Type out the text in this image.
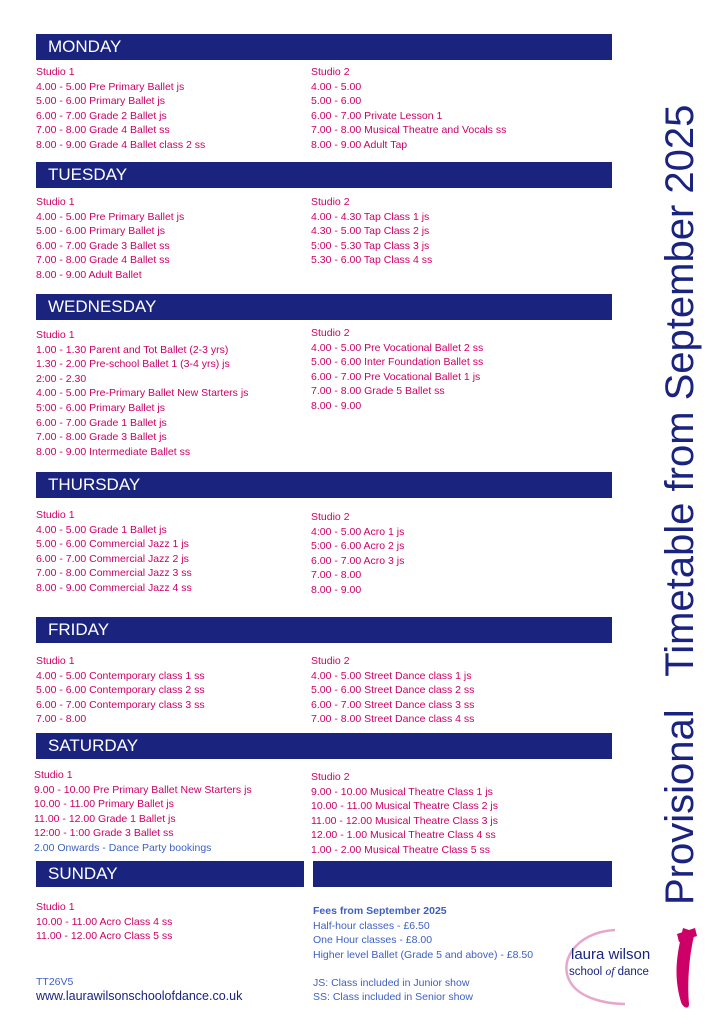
MONDAY
TUESDAY
WEDNESDAY
THURSDAY
FRIDAY
SATURDAY
SUNDAY
Studio 1
4.00 - 5.00 Pre Primary Ballet js
5.00 - 6.00 Primary Ballet js
6.00 - 7.00 Grade 2 Ballet js
7.00 - 8.00 Grade 4 Ballet ss
8.00 - 9.00 Grade 4 Ballet class 2 ss
Studio 2
4.00 - 5.00
5.00 - 6.00
6.00 - 7.00 Private Lesson 1
7.00 - 8.00 Musical Theatre and Vocals ss
8.00 - 9.00 Adult Tap
Studio 1
4.00 - 5.00 Pre Primary Ballet js
5.00 - 6.00 Primary Ballet js
6.00 - 7.00 Grade 3 Ballet ss
7.00 - 8.00 Grade 4 Ballet ss
8.00 - 9.00 Adult Ballet
Studio 2
4.00 - 4.30 Tap Class 1 js
4.30 - 5.00 Tap Class 2 js
5:00 - 5.30 Tap Class 3 js
5.30 - 6.00 Tap Class 4 ss
Studio 1
1.00 - 1.30 Parent and Tot Ballet (2-3 yrs)
1.30 - 2.00 Pre-school Ballet 1 (3-4 yrs) js
2:00 - 2.30
4.00 - 5.00 Pre-Primary Ballet New Starters js
5:00 - 6.00 Primary Ballet js
6.00 - 7.00 Grade 1 Ballet js
7.00 - 8.00 Grade 3 Ballet js
8.00 - 9.00 Intermediate Ballet ss
Studio 2
4.00 - 5.00 Pre Vocational Ballet 2 ss
5.00 - 6.00 Inter Foundation Ballet ss
6.00 - 7.00 Pre Vocational Ballet 1 js
7.00 - 8.00 Grade 5 Ballet ss
8.00 - 9.00
Studio 1
4.00 - 5.00 Grade 1 Ballet js
5.00 - 6.00 Commercial Jazz 1 js
6.00 - 7.00 Commercial Jazz 2 js
7.00 - 8.00 Commercial Jazz 3 ss
8.00 - 9.00 Commercial Jazz 4 ss
Studio 2
4:00 - 5.00 Acro 1 js
5:00 - 6.00 Acro 2 js
6.00 - 7.00 Acro 3 js
7.00 - 8.00
8.00 - 9.00
Studio 1
4.00 - 5.00 Contemporary class 1 ss
5.00 - 6.00 Contemporary class 2 ss
6.00 - 7.00 Contemporary class 3 ss
7.00 - 8.00
Studio 2
4.00 - 5.00 Street Dance class 1 js
5.00 - 6.00 Street Dance class 2 ss
6.00 - 7.00 Street Dance class 3 ss
7.00 - 8.00 Street Dance class 4 ss
Studio 1
9.00 - 10.00 Pre Primary Ballet New Starters js
10.00 - 11.00 Primary Ballet js
11.00 - 12.00 Grade 1 Ballet js
12:00 - 1:00 Grade 3 Ballet ss
2.00 Onwards - Dance Party bookings
Studio 2
9.00 - 10.00 Musical Theatre Class 1 js
10.00 - 11.00 Musical Theatre Class 2 js
11.00 - 12.00 Musical Theatre Class 3 js
12.00 - 1.00 Musical Theatre Class 4 ss
1.00 - 2.00 Musical Theatre Class 5 ss
Studio 1
10.00 - 11.00 Acro Class 4 ss
11.00 - 12.00 Acro Class 5 ss
Fees from September 2025
Half-hour classes - £6.50
One Hour classes - £8.00
Higher level Ballet (Grade 5 and above) - £8.50
TT26V5
www.laurawilsonschoolofdance.co.uk
JS: Class included in Junior show
SS: Class included in Senior show
Provisional   Timetable from September 2025
laura wilson
school of dance
